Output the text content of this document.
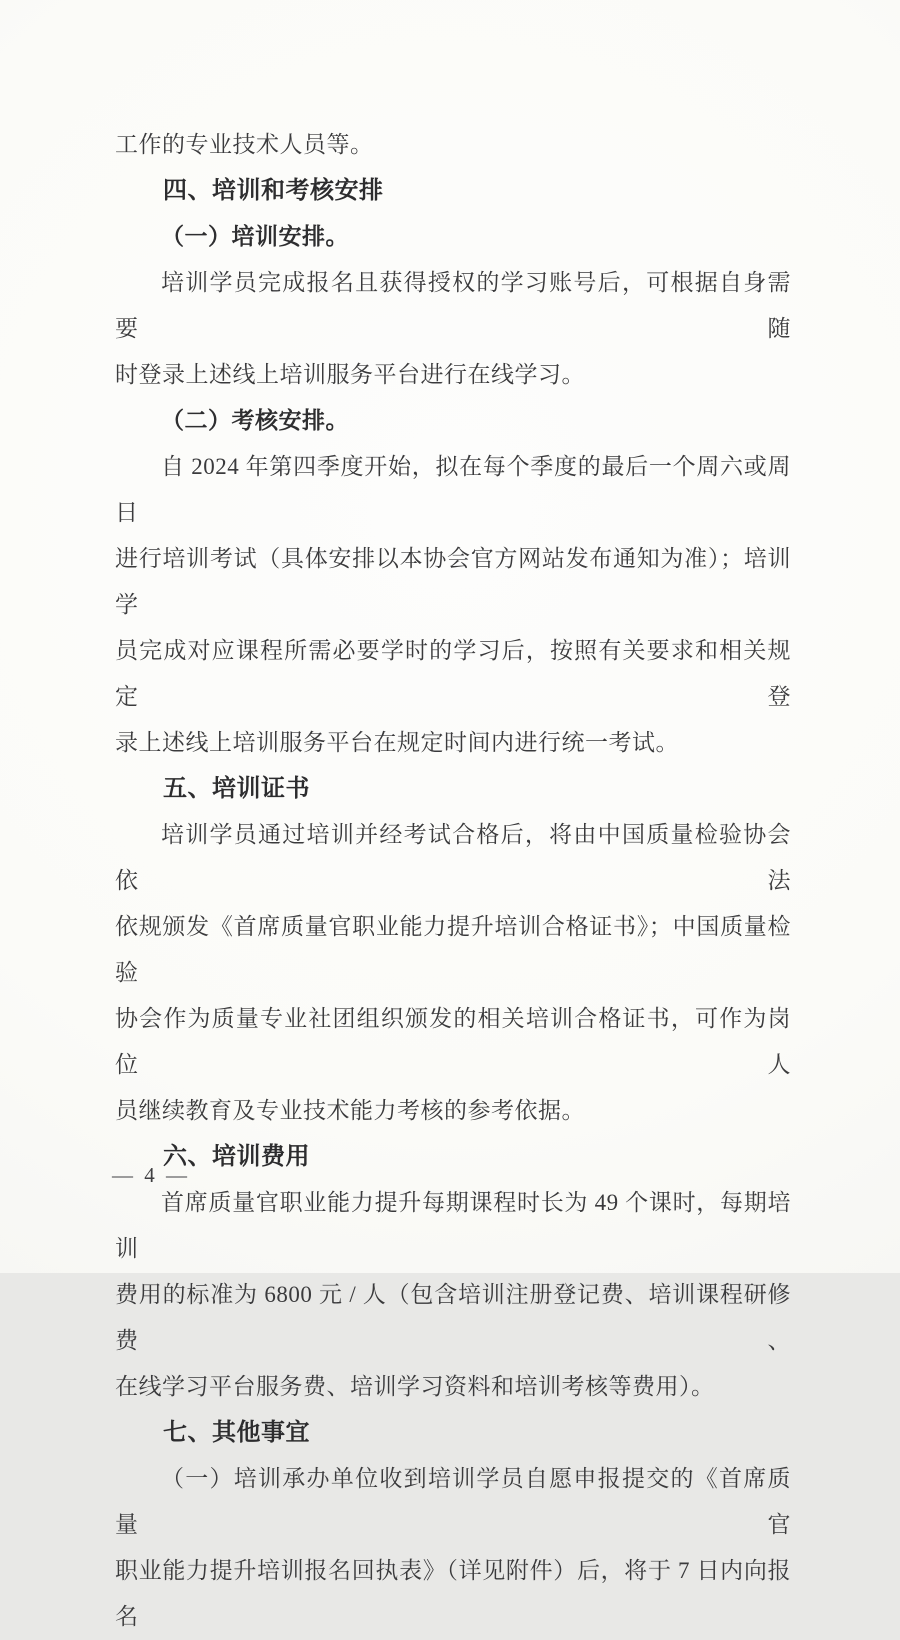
工作的专业技术人员等。
四、培训和考核安排
（一）培训安排。
培训学员完成报名且获得授权的学习账号后，可根据自身需要随
时登录上述线上培训服务平台进行在线学习。
（二）考核安排。
自 2024 年第四季度开始，拟在每个季度的最后一个周六或周日
进行培训考试（具体安排以本协会官方网站发布通知为准）；培训学
员完成对应课程所需必要学时的学习后，按照有关要求和相关规定登
录上述线上培训服务平台在规定时间内进行统一考试。
五、培训证书
培训学员通过培训并经考试合格后，将由中国质量检验协会依法
依规颁发《首席质量官职业能力提升培训合格证书》；中国质量检验
协会作为质量专业社团组织颁发的相关培训合格证书，可作为岗位人
员继续教育及专业技术能力考核的参考依据。
六、培训费用
首席质量官职业能力提升每期课程时长为 49 个课时，每期培训
费用的标准为 6800 元 / 人（包含培训注册登记费、培训课程研修费、
在线学习平台服务费、培训学习资料和培训考核等费用）。
七、其他事宜
（一）培训承办单位收到培训学员自愿申报提交的《首席质量官
职业能力提升培训报名回执表》（详见附件）后，将于 7 日内向报名
— 4 —
